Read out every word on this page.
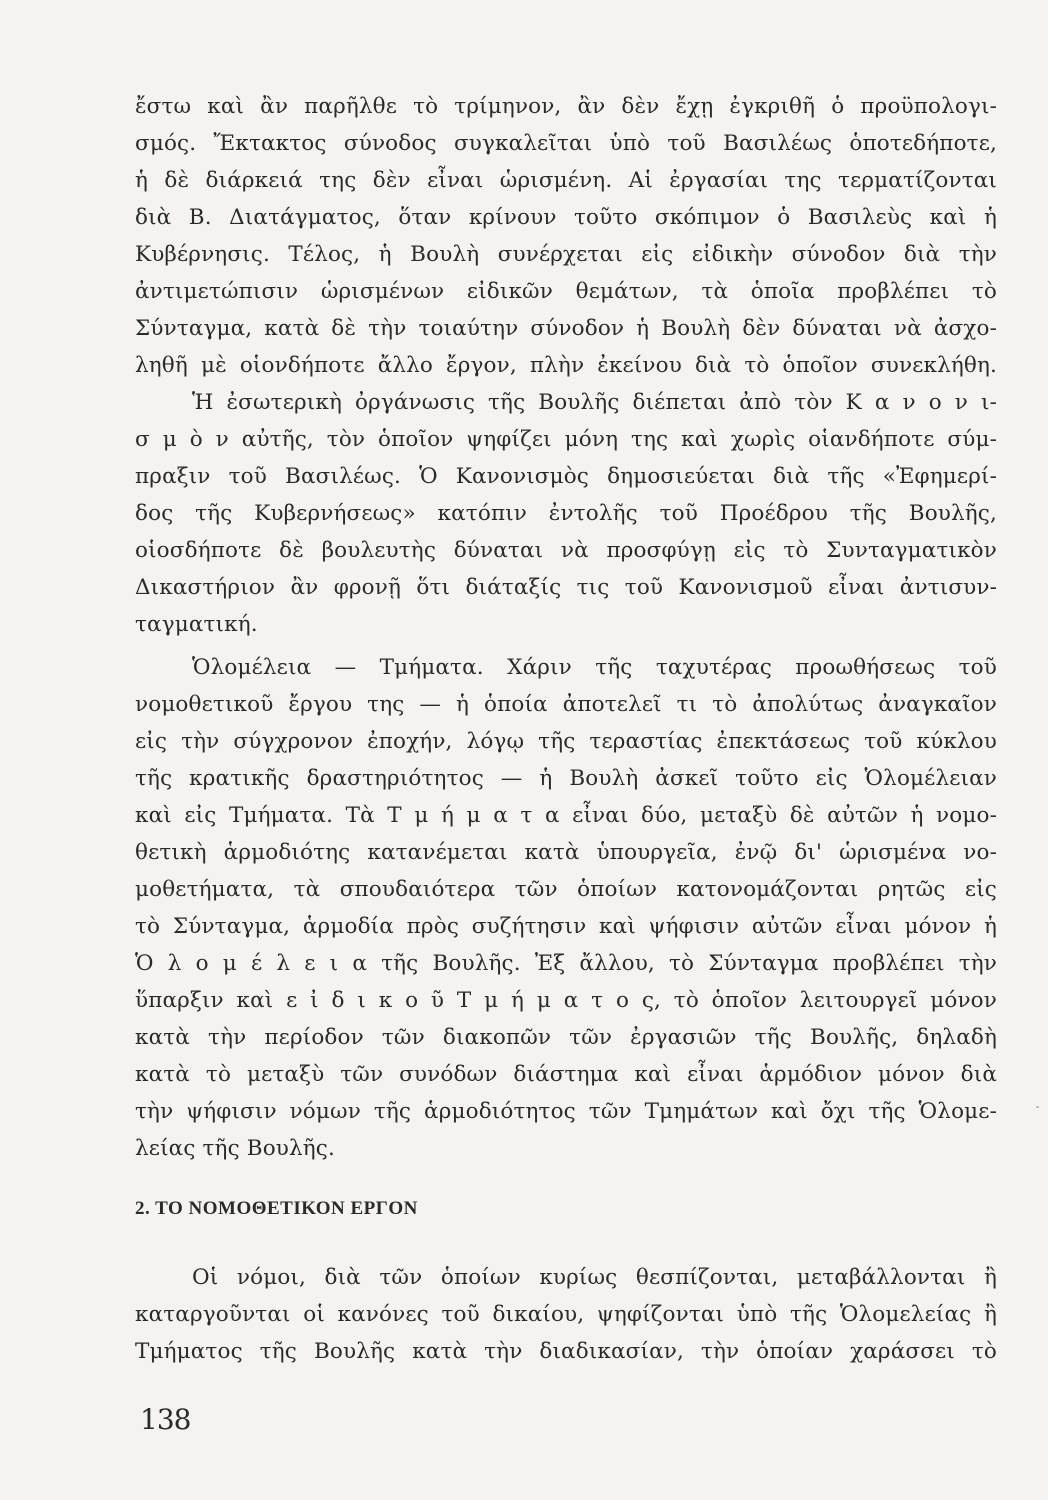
ἔστω καὶ ἂν παρῆλθε τὸ τρίμηνον, ἂν δὲν ἔχῃ ἐγκριθῆ ὁ προϋπολογι-
σμός. Ἔκτακτος σύνοδος συγκαλεῖται ὑπὸ τοῦ Βασιλέως ὁποτεδήποτε,
ἡ δὲ διάρκειά της δὲν εἶναι ὡρισμένη. Αἱ ἐργασίαι της τερματίζονται
διὰ Β. Διατάγματος, ὅταν κρίνουν τοῦτο σκόπιμον ὁ Βασιλεὺς καὶ ἡ
Κυβέρνησις. Τέλος, ἡ Βουλὴ συνέρχεται εἰς εἰδικὴν σύνοδον διὰ τὴν
ἀντιμετώπισιν ὡρισμένων εἰδικῶν θεμάτων, τὰ ὁποῖα προβλέπει τὸ
Σύνταγμα, κατὰ δὲ τὴν τοιαύτην σύνοδον ἡ Βουλὴ δὲν δύναται νὰ ἀσχο-
ληθῆ μὲ οἱονδήποτε ἄλλο ἔργον, πλὴν ἐκείνου διὰ τὸ ὁποῖον συνεκλήθη.
Ἡ ἐσωτερικὴ ὀργάνωσις τῆς Βουλῆς διέπεται ἀπὸ τὸν Κ α ν ο ν ι-
σ μ ὸ ν αὐτῆς, τὸν ὁποῖον ψηφίζει μόνη της καὶ χωρὶς οἱανδήποτε σύμ-
πραξιν τοῦ Βασιλέως. Ὁ Κανονισμὸς δημοσιεύεται διὰ τῆς «Ἐφημερί-
δος τῆς Κυβερνήσεως» κατόπιν ἐντολῆς τοῦ Προέδρου τῆς Βουλῆς,
οἱοσδήποτε δὲ βουλευτὴς δύναται νὰ προσφύγῃ εἰς τὸ Συνταγματικὸν
Δικαστήριον ἂν φρονῇ ὅτι διάταξίς τις τοῦ Κανονισμοῦ εἶναι ἀντισυν-
ταγματική.
Ὁλομέλεια — Τμήματα. Χάριν τῆς ταχυτέρας προωθήσεως τοῦ
νομοθετικοῦ ἔργου της — ἡ ὁποία ἀποτελεῖ τι τὸ ἀπολύτως ἀναγκαῖον
εἰς τὴν σύγχρονον ἐποχήν, λόγῳ τῆς τεραστίας ἐπεκτάσεως τοῦ κύκλου
τῆς κρατικῆς δραστηριότητος — ἡ Βουλὴ ἀσκεῖ τοῦτο εἰς Ὁλομέλειαν
καὶ εἰς Τμήματα. Τὰ Τ μ ή μ α τ α εἶναι δύο, μεταξὺ δὲ αὐτῶν ἡ νομο-
θετικὴ ἁρμοδιότης κατανέμεται κατὰ ὑπουργεῖα, ἐνῷ δι' ὡρισμένα νο-
μοθετήματα, τὰ σπουδαιότερα τῶν ὁποίων κατονομάζονται ρητῶς εἰς
τὸ Σύνταγμα, ἁρμοδία πρὸς συζήτησιν καὶ ψήφισιν αὐτῶν εἶναι μόνον ἡ
Ὁ λ ο μ έ λ ε ι α τῆς Βουλῆς. Ἐξ ἄλλου, τὸ Σύνταγμα προβλέπει τὴν
ὕπαρξιν καὶ ε ἰ δ ι κ ο ῦ Τ μ ή μ α τ ο ς, τὸ ὁποῖον λειτουργεῖ μόνον
κατὰ τὴν περίοδον τῶν διακοπῶν τῶν ἐργασιῶν τῆς Βουλῆς, δηλαδὴ
κατὰ τὸ μεταξὺ τῶν συνόδων διάστημα καὶ εἶναι ἁρμόδιον μόνον διὰ
τὴν ψήφισιν νόμων τῆς ἁρμοδιότητος τῶν Τμημάτων καὶ ὄχι τῆς Ὁλομε-
λείας τῆς Βουλῆς.
2. ΤΟ ΝΟΜΟΘΕΤΙΚΟΝ ΕΡΓΟΝ
Οἱ νόμοι, διὰ τῶν ὁποίων κυρίως θεσπίζονται, μεταβάλλονται ἢ
καταργοῦνται οἱ κανόνες τοῦ δικαίου, ψηφίζονται ὑπὸ τῆς Ὁλομελείας ἢ
Τμήματος τῆς Βουλῆς κατὰ τὴν διαδικασίαν, τὴν ὁποίαν χαράσσει τὸ
138
